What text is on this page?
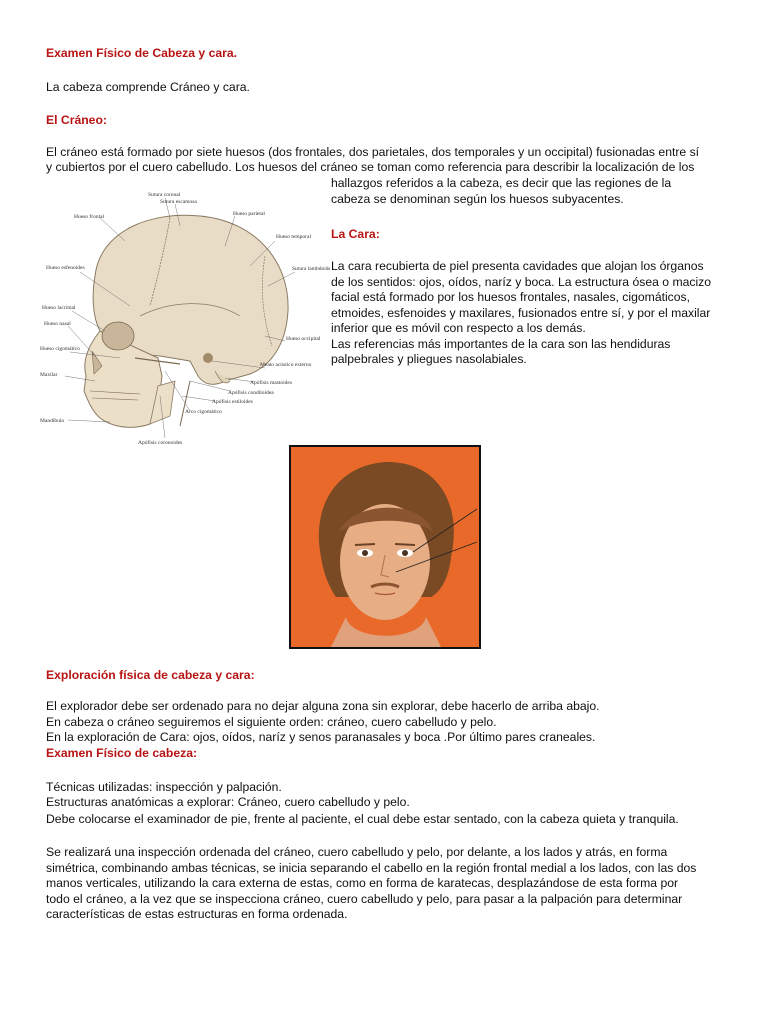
Examen Físico de Cabeza y cara.
La cabeza comprende Cráneo y cara.
El Cráneo:
El cráneo está formado por siete huesos (dos frontales, dos parietales, dos temporales y un occipital) fusionadas entre sí
y cubiertos por el cuero cabelludo. Los huesos del cráneo se toman como referencia para describir la localización de los
hallazgos referidos a la cabeza, es decir que las regiones de la
cabeza se denominan según los huesos subyacentes.
La Cara:
La cara recubierta de piel presenta cavidades que alojan los órganos
de los sentidos: ojos, oídos, naríz y boca. La estructura ósea o macizo
facial está formado por los huesos frontales, nasales, cigomáticos,
etmoides, esfenoides y maxilares, fusionados entre sí, y por el maxilar
inferior que es móvil con respecto a los demás.
Las referencias más importantes de la cara son las hendiduras
palpebrales y pliegues nasolabiales.
Sutura coronal
Sutura escamosa
Hueso frontal	Hueso parietal
Hueso temporal
Hueso esfenoides	Sutura lambdoidea
Hueso lacrimal
Hueso nasal
Hueso cigomático
Hueso occipital
Maxilar
Meato acústico externo
Apófisis mastoides
Apófisis condiloidea
Apófisis estiloides
Arco cigomático
Mandíbula
Apófisis coronoides
Exploración física de cabeza y cara:
El explorador debe ser ordenado para no dejar alguna zona sin explorar, debe hacerlo de arriba abajo.
En cabeza o cráneo seguiremos el siguiente orden: cráneo, cuero cabelludo y pelo.
En la exploración de Cara: ojos, oídos, naríz y senos paranasales y boca .Por último pares craneales.
Examen Físico de cabeza:
Técnicas utilizadas: inspección y palpación.
Estructuras anatómicas a explorar: Cráneo, cuero cabelludo y pelo.
Debe colocarse el examinador de pie, frente al paciente, el cual debe estar sentado, con la cabeza quieta y tranquila.
Se realizará una inspección ordenada del cráneo, cuero cabelludo y pelo, por delante, a los lados y atrás, en forma
simétrica, combinando ambas técnicas, se inicia separando el cabello en la región frontal medial a los lados, con las dos
manos verticales, utilizando la cara externa de estas, como en forma de karatecas, desplazándose de esta forma por
todo el cráneo, a la vez que se inspecciona cráneo, cuero cabelludo y pelo, para pasar a la palpación para determinar
características de estas estructuras en forma ordenada.
